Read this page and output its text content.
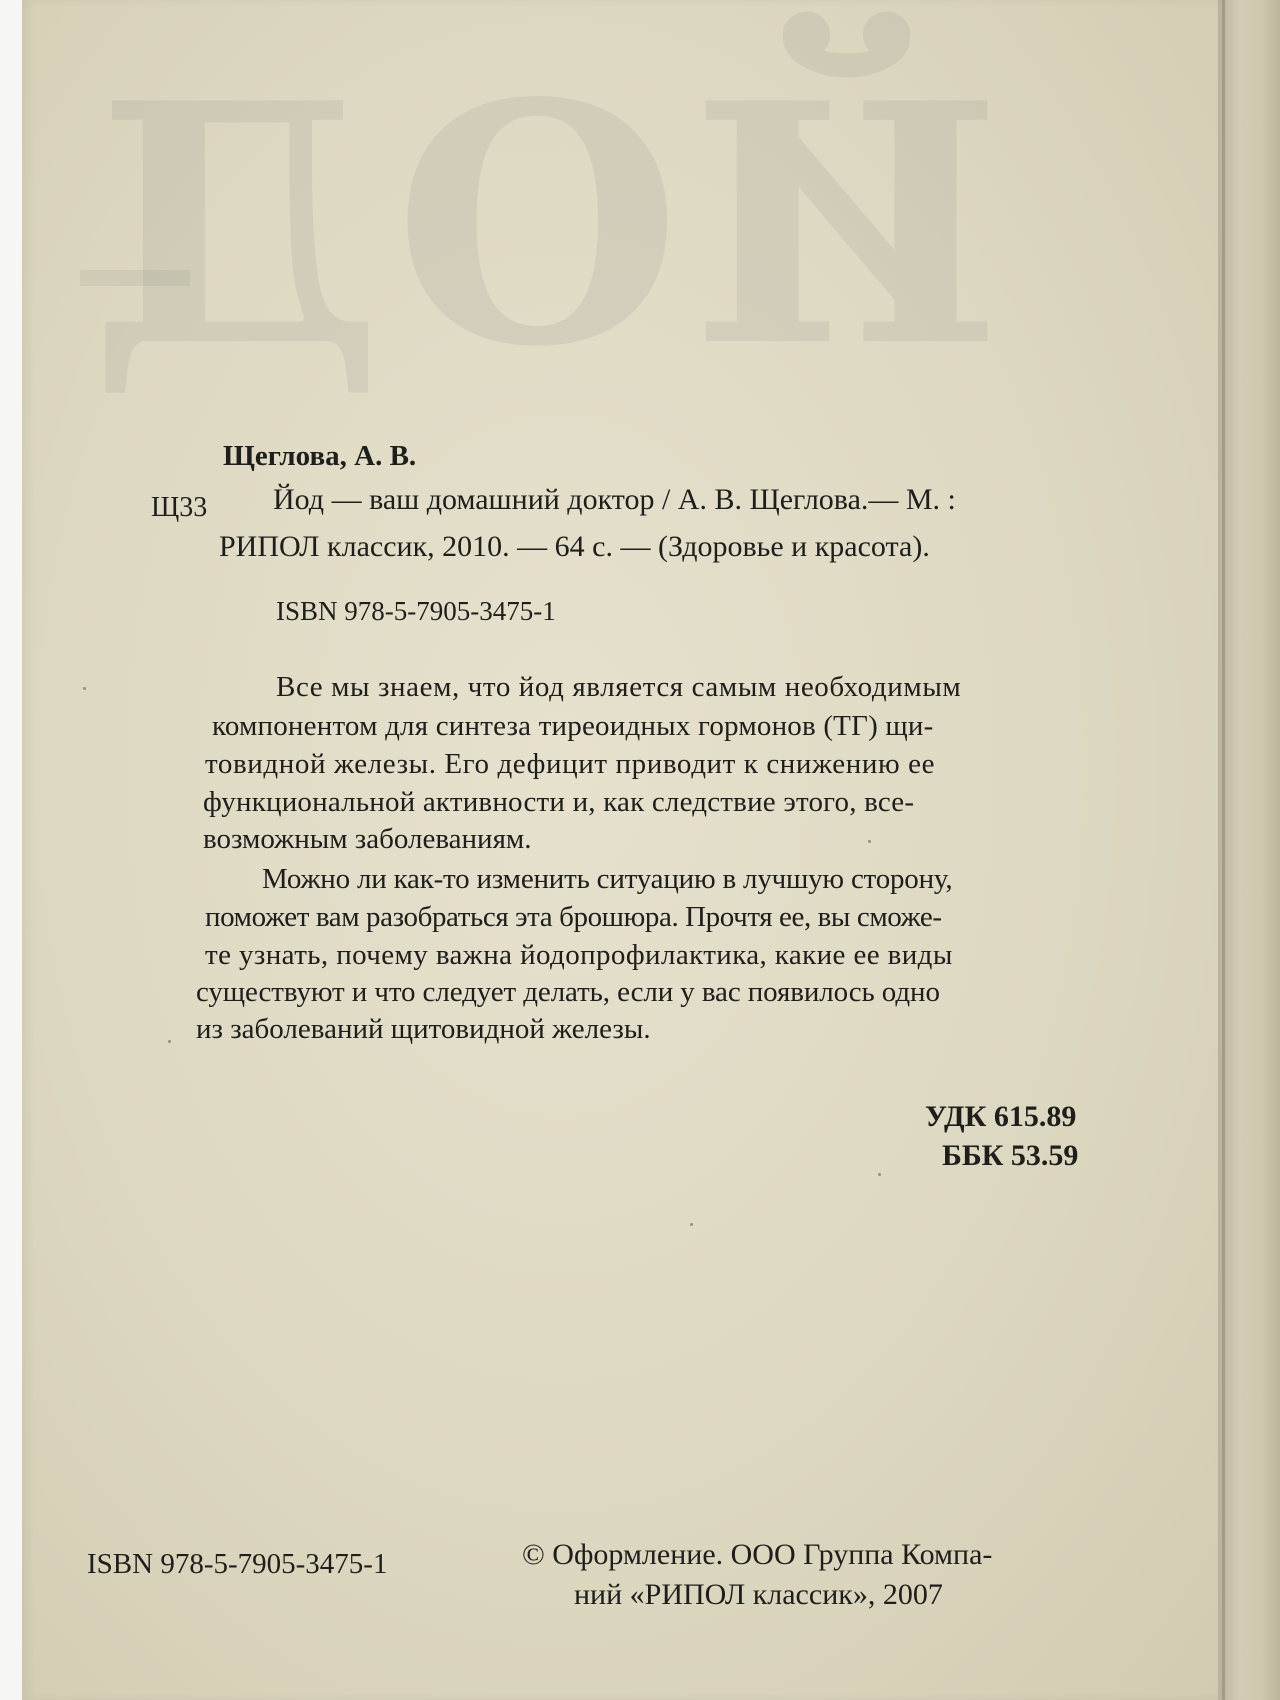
ЙОД

Щеглова, А. В.

Щ33 Йод — ваш домашний доктор / А. В. Щеглова.— М. :

РИПОЛ классик, 2010. — 64 с. — (Здоровье и красота).

ISBN 978-5-7905-3475-1

Все мы знаем, что йод является самым необходимым

компонентом для синтеза тиреоидных гормонов (ТГ) щи-

товидной железы. Его дефицит приводит к снижению ее

функциональной активности и, как следствие этого, все-

возможным заболеваниям.

Можно ли как-то изменить ситуацию в лучшую сторону,

поможет вам разобраться эта брошюра. Прочтя ее, вы сможе-

те узнать, почему важна йодопрофилактика, какие ее виды

существуют и что следует делать, если у вас появилось одно

из заболеваний щитовидной железы.

УДК 615.89

ББК 53.59

ISBN 978-5-7905-3475-1	© Оформление. ООО Группа Компа-

ний «РИПОЛ классик», 2007
